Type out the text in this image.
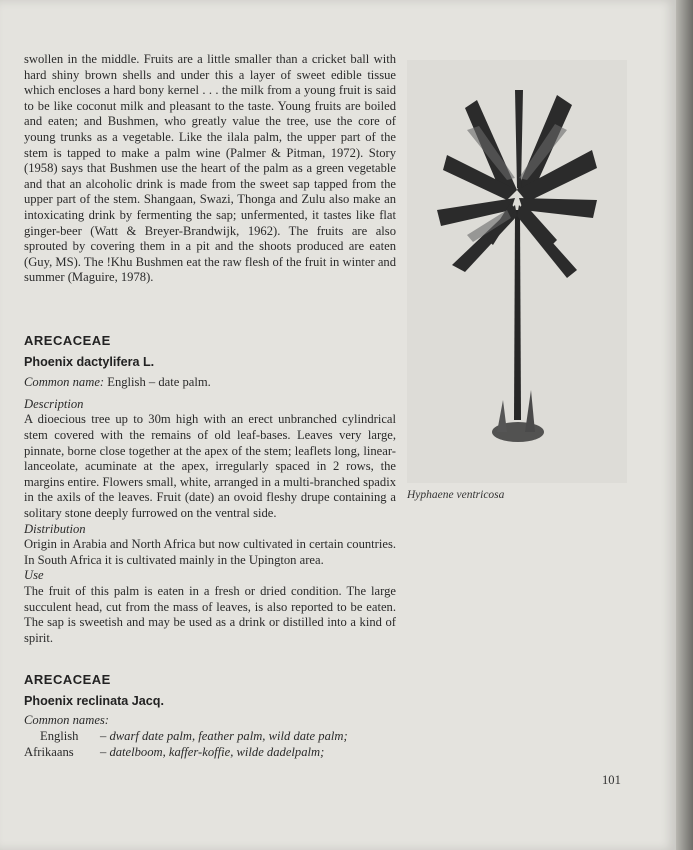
swollen in the middle. Fruits are a little smaller than a cricket ball with hard shiny brown shells and under this a layer of sweet edible tissue which encloses a hard bony kernel . . . the milk from a young fruit is said to be like coconut milk and pleasant to the taste. Young fruits are boiled and eaten; and Bushmen, who greatly value the tree, use the core of young trunks as a vegetable. Like the ilala palm, the upper part of the stem is tapped to make a palm wine (Palmer & Pitman, 1972). Story (1958) says that Bushmen use the heart of the palm as a green vegetable and that an alcoholic drink is made from the sweet sap tapped from the upper part of the stem. Shangaan, Swazi, Thonga and Zulu also make an intoxicating drink by fermenting the sap; unfermented, it tastes like flat ginger-beer (Watt & Breyer-Brandwijk, 1962). The fruits are also sprouted by covering them in a pit and the shoots produced are eaten (Guy, MS). The !Khu Bushmen eat the raw flesh of the fruit in winter and summer (Maguire, 1978).

ARECACEAE

Phoenix dactylifera L.

Common name: English – date palm.

Description

A dioecious tree up to 30m high with an erect unbranched cylindrical stem covered with the remains of old leaf-bases. Leaves very large, pinnate, borne close together at the apex of the stem; leaflets long, linear-lanceolate, acuminate at the apex, irregularly spaced in 2 rows, the margins entire. Flowers small, white, arranged in a multi-branched spadix in the axils of the leaves. Fruit (date) an ovoid fleshy drupe containing a solitary stone deeply furrowed on the ventral side.

Distribution

Origin in Arabia and North Africa but now cultivated in certain countries. In South Africa it is cultivated mainly in the Upington area.

Use

The fruit of this palm is eaten in a fresh or dried condition. The large succulent head, cut from the mass of leaves, is also reported to be eaten. The sap is sweetish and may be used as a drink or distilled into a kind of spirit.

ARECACEAE

Phoenix reclinata Jacq.

Common names:

English	– dwarf date palm, feather palm, wild date palm;
Afrikaans	– datelboom, kaffer-koffie, wilde dadelpalm;
Hyphaene ventricosa
101
